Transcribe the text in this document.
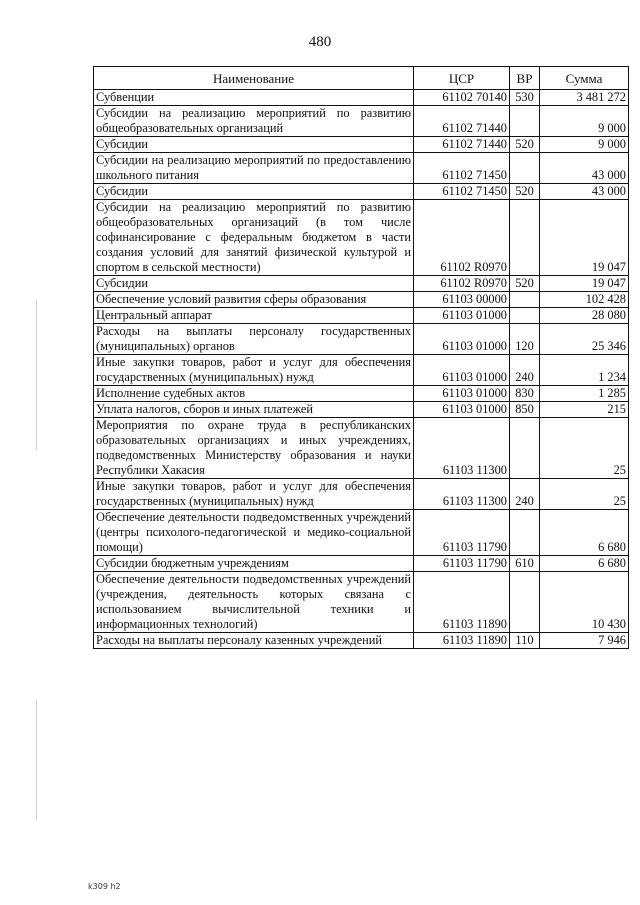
480
Наименование	ЦСР	ВР	Сумма
Субвенции	61102 70140	530	3 481 272
Субсидии на реализацию мероприятий по развитию общеобразовательных организаций	61102 71440		9 000
Субсидии	61102 71440	520	9 000
Субсидии на реализацию мероприятий по предоставлению школьного питания	61102 71450		43 000
Субсидии	61102 71450	520	43 000
Субсидии на реализацию мероприятий по развитию общеобразовательных организаций (в том числе софинансирование с федеральным бюджетом в части создания условий для занятий физической культурой и спортом в сельской местности)	61102 R0970		19 047
Субсидии	61102 R0970	520	19 047
Обеспечение условий развития сферы образования	61103 00000		102 428
Центральный аппарат	61103 01000		28 080
Расходы на выплаты персоналу государственных (муниципальных) органов	61103 01000	120	25 346
Иные закупки товаров, работ и услуг для обеспечения государственных (муниципальных) нужд	61103 01000	240	1 234
Исполнение судебных актов	61103 01000	830	1 285
Уплата налогов, сборов и иных платежей	61103 01000	850	215
Мероприятия по охране труда в республиканских образовательных организациях и иных учреждениях, подведомственных Министерству образования и науки Республики Хакасия	61103 11300		25
Иные закупки товаров, работ и услуг для обеспечения государственных (муниципальных) нужд	61103 11300	240	25
Обеспечение деятельности подведомственных учреждений (центры психолого-педагогической и медико-социальной помощи)	61103 11790		6 680
Субсидии бюджетным учреждениям	61103 11790	610	6 680
Обеспечение деятельности подведомственных учреждений (учреждения, деятельность которых связана с использованием вычислительной техники и информационных технологий)	61103 11890		10 430
Расходы на выплаты персоналу казенных учреждений	61103 11890	110	7 946
k309 h2
